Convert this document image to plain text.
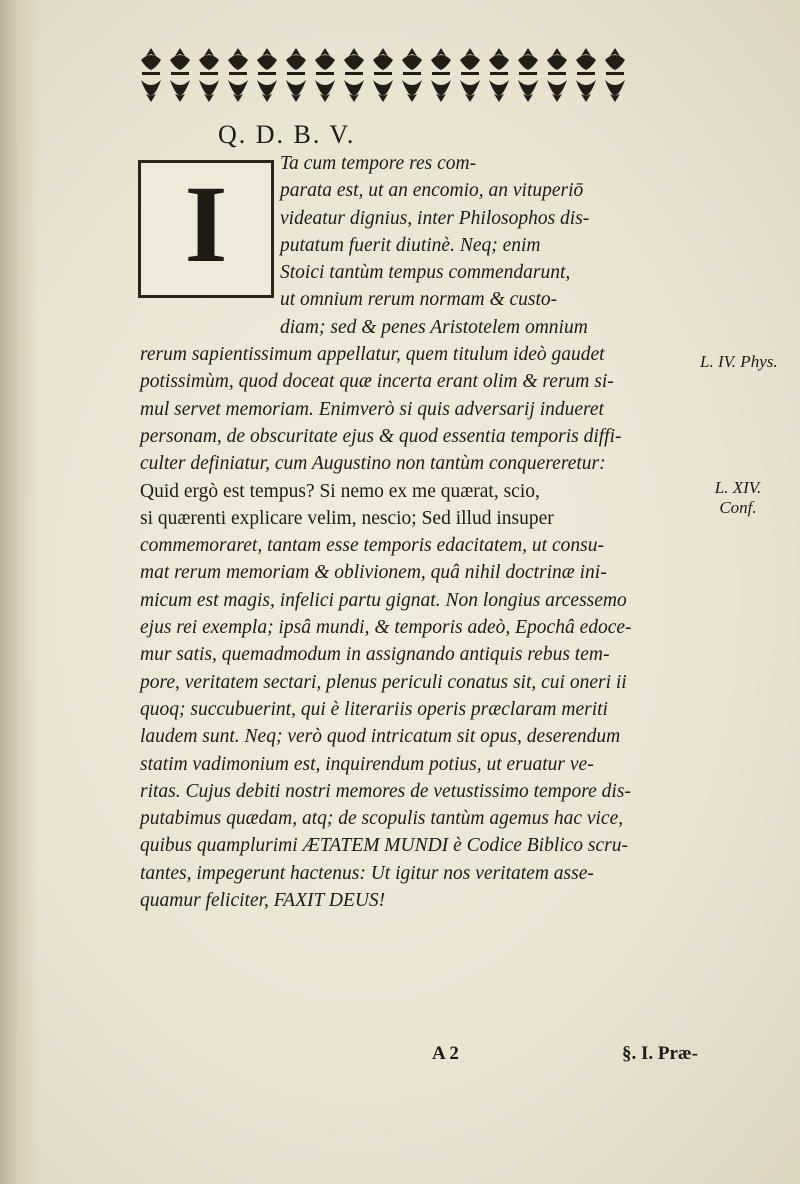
Q. D. B. V.
Ta cum tempore res com-
parata est, ut an encomio, an vituperiō
videatur dignius, inter Philosophos dis-
putatum fuerit diutinè. Neq; enim
Stoici tantùm tempus commendarunt,
ut omnium rerum normam & custo-
diam; sed & penes Aristotelem omnium
rerum sapientissimum appellatur, quem titulum ideò gaudet
potissimùm, quod doceat quæ incerta erant olim & rerum si-
mul servet memoriam. Enimverò si quis adversarij indueret
personam, de obscuritate ejus & quod essentia temporis diffi-
culter definiatur, cum Augustino non tantùm conquereretur:
Quid ergò est tempus? Si nemo ex me quærat, scio,
si quærenti explicare velim, nescio; Sed illud insuper
commemoraret, tantam esse temporis edacitatem, ut consu-
mat rerum memoriam & oblivionem, quâ nihil doctrinæ ini-
micum est magis, infelici partu gignat. Non longius arcessemo
ejus rei exempla; ipsâ mundi, & temporis adeò, Epochâ edoce-
mur satis, quemadmodum in assignando antiquis rebus tem-
pore, veritatem sectari, plenus periculi conatus sit, cui oneri ii
quoq; succubuerint, qui è literariis operis præclaram meriti
laudem sunt. Neq; verò quod intricatum sit opus, deserendum
statim vadimonium est, inquirendum potius, ut eruatur ve-
ritas. Cujus debiti nostri memores de vetustissimo tempore dis-
putabimus quædam, atq; de scopulis tantùm agemus hac vice,
quibus quamplurimi ÆTATEM MUNDI è Codice Biblico scru-
tantes, impegerunt hactenus: Ut igitur nos veritatem asse-
quamur feliciter, FAXIT DEUS!
I
L. IV. Phys.
L. XIV. Conf.
A 2	§. I. Præ-
